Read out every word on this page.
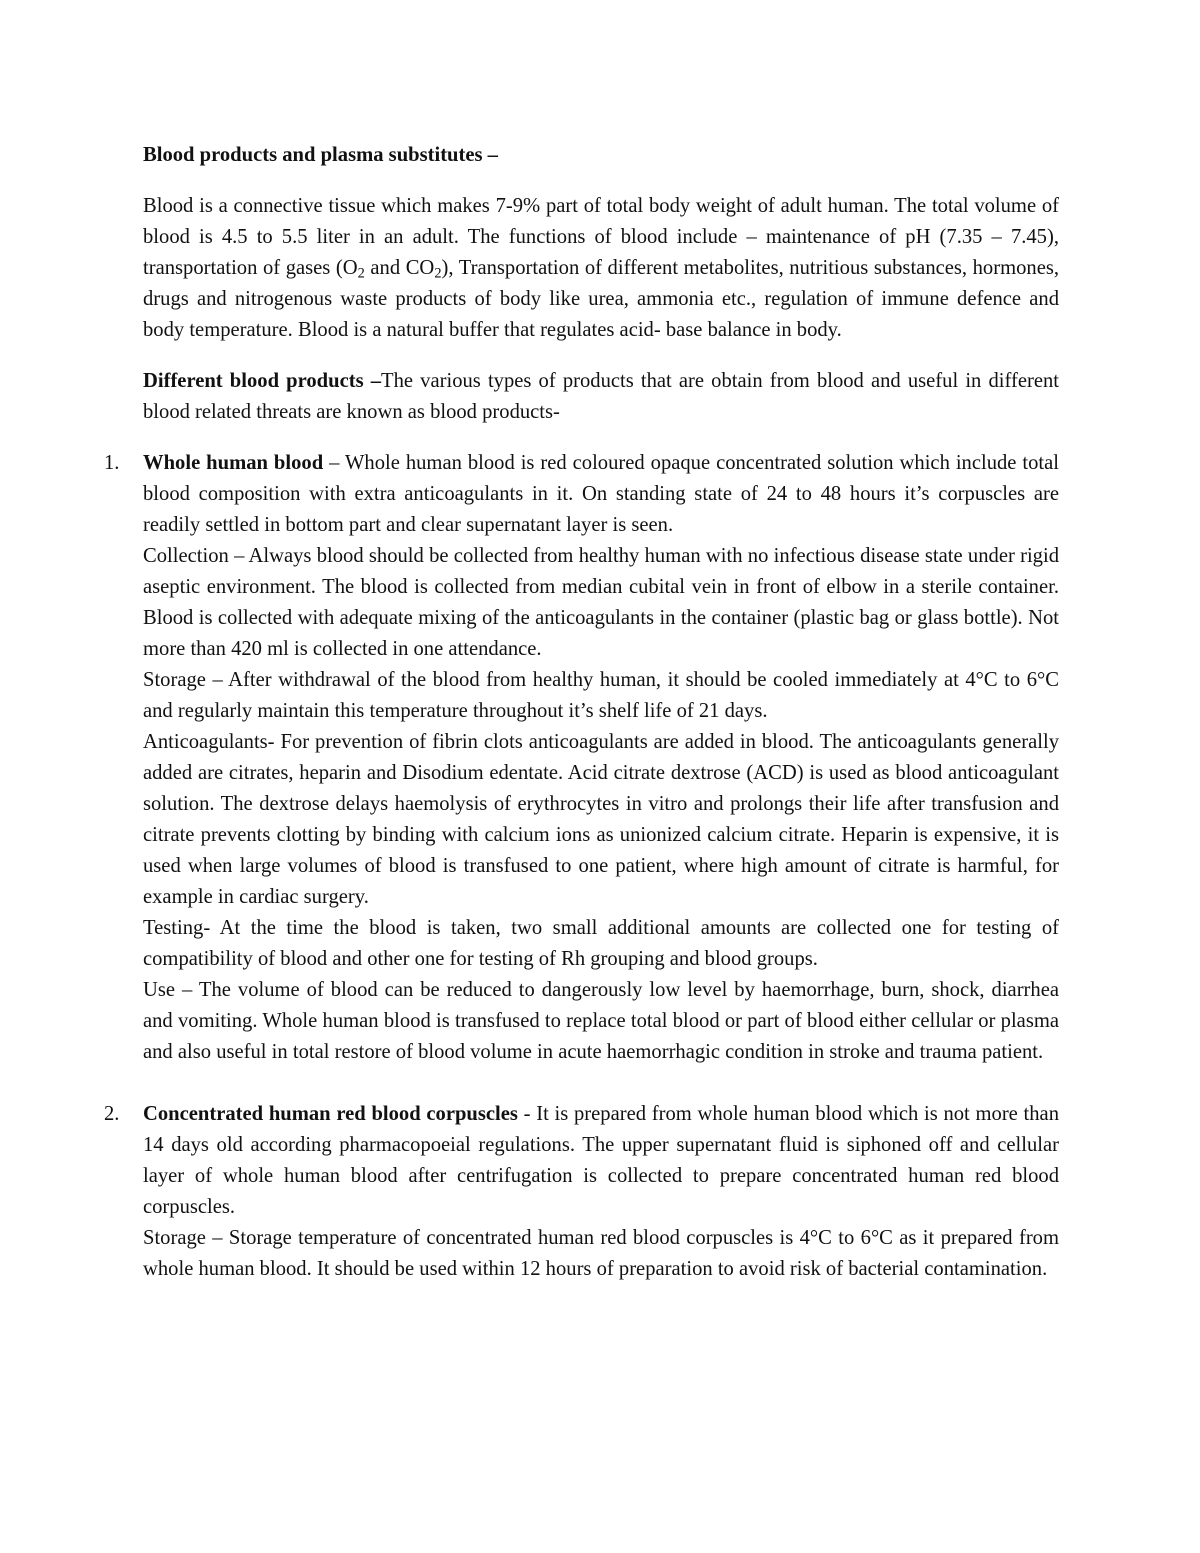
Blood products and plasma substitutes –

Blood is a connective tissue which makes 7-9% part of total body weight of adult human. The total volume of blood is 4.5 to 5.5 liter in an adult. The functions of blood include – maintenance of pH (7.35 – 7.45), transportation of gases ($O_2$ and $CO_2$), Transportation of different metabolites, nutritious substances, hormones, drugs and nitrogenous waste products of body like urea, ammonia etc., regulation of immune defence and body temperature. Blood is a natural buffer that regulates acid- base balance in body.

Different blood products –The various types of products that are obtain from blood and useful in different blood related threats are known as blood products-

1. Whole human blood – Whole human blood is red coloured opaque concentrated solution which include total blood composition with extra anticoagulants in it. On standing state of 24 to 48 hours it’s corpuscles are readily settled in bottom part and clear supernatant layer is seen.

Collection – Always blood should be collected from healthy human with no infectious disease state under rigid aseptic environment. The blood is collected from median cubital vein in front of elbow in a sterile container. Blood is collected with adequate mixing of the anticoagulants in the container (plastic bag or glass bottle). Not more than 420 ml is collected in one attendance.

Storage – After withdrawal of the blood from healthy human, it should be cooled immediately at 4°C to 6°C and regularly maintain this temperature throughout it’s shelf life of 21 days.

Anticoagulants- For prevention of fibrin clots anticoagulants are added in blood. The anticoagulants generally added are citrates, heparin and Disodium edentate. Acid citrate dextrose (ACD) is used as blood anticoagulant solution. The dextrose delays haemolysis of erythrocytes in vitro and prolongs their life after transfusion and citrate prevents clotting by binding with calcium ions as unionized calcium citrate. Heparin is expensive, it is used when large volumes of blood is transfused to one patient, where high amount of citrate is harmful, for example in cardiac surgery.

Testing- At the time the blood is taken, two small additional amounts are collected one for testing of compatibility of blood and other one for testing of Rh grouping and blood groups.

Use – The volume of blood can be reduced to dangerously low level by haemorrhage, burn, shock, diarrhea and vomiting. Whole human blood is transfused to replace total blood or part of blood either cellular or plasma and also useful in total restore of blood volume in acute haemorrhagic condition in stroke and trauma patient.

2. Concentrated human red blood corpuscles - It is prepared from whole human blood which is not more than 14 days old according pharmacopoeial regulations. The upper supernatant fluid is siphoned off and cellular layer of whole human blood after centrifugation is collected to prepare concentrated human red blood corpuscles.

Storage – Storage temperature of concentrated human red blood corpuscles is 4°C to 6°C as it prepared from whole human blood. It should be used within 12 hours of preparation to avoid risk of bacterial contamination.
